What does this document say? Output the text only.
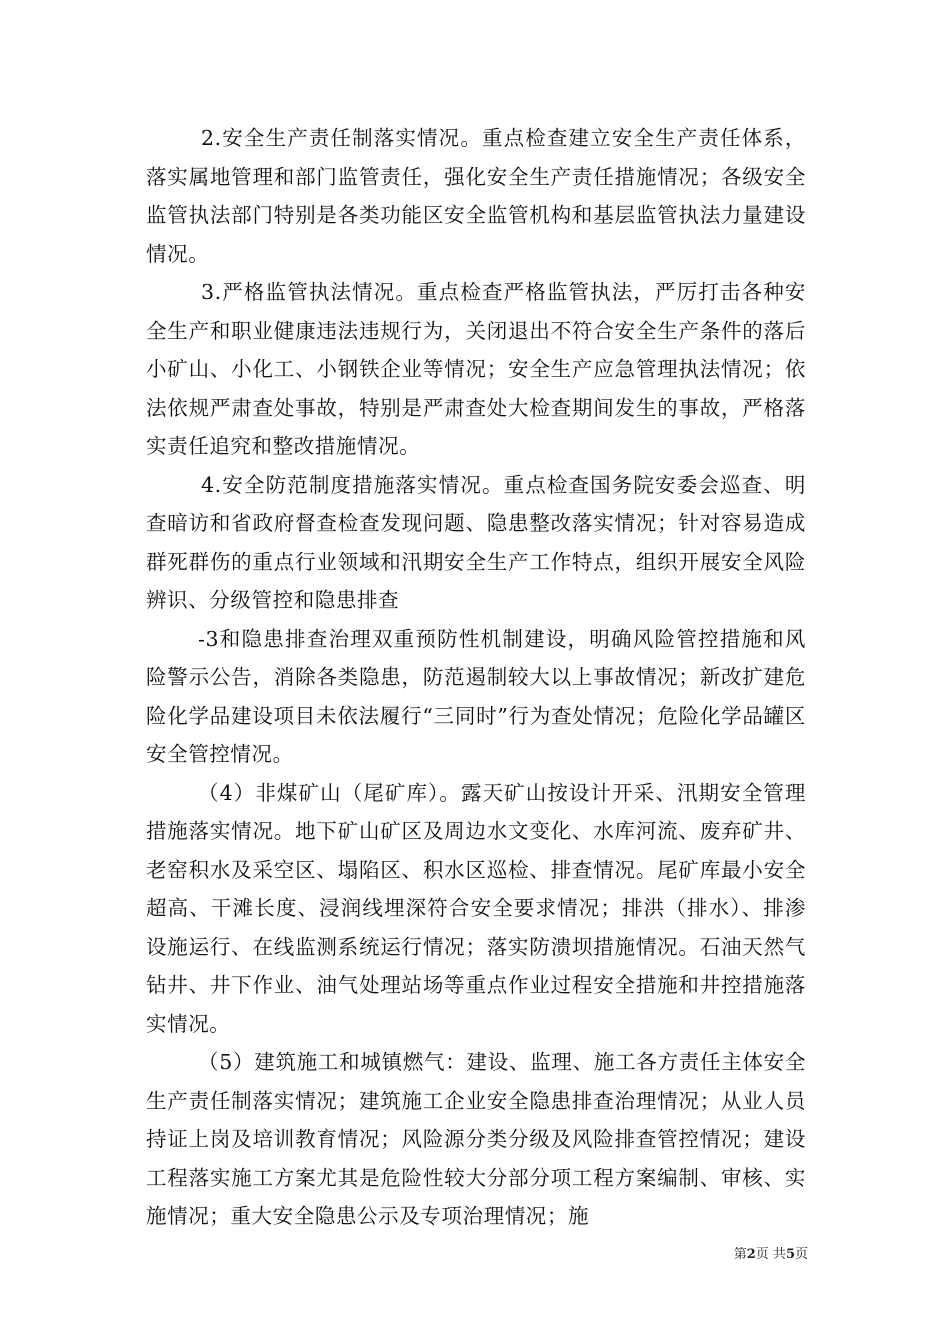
2.安全生产责任制落实情况。重点检查建立安全生产责任体系，落实属地管理和部门监管责任，强化安全生产责任措施情况；各级安全监管执法部门特别是各类功能区安全监管机构和基层监管执法力量建设情况。

3.严格监管执法情况。重点检查严格监管执法，严厉打击各种安全生产和职业健康违法违规行为，关闭退出不符合安全生产条件的落后小矿山、小化工、小钢铁企业等情况；安全生产应急管理执法情况；依法依规严肃查处事故，特别是严肃查处大检查期间发生的事故，严格落实责任追究和整改措施情况。

4.安全防范制度措施落实情况。重点检查国务院安委会巡查、明查暗访和省政府督查检查发现问题、隐患整改落实情况；针对容易造成群死群伤的重点行业领域和汛期安全生产工作特点，组织开展安全风险辨识、分级管控和隐患排查

-3和隐患排查治理双重预防性机制建设，明确风险管控措施和风险警示公告，消除各类隐患，防范遏制较大以上事故情况；新改扩建危险化学品建设项目未依法履行“三同时”行为查处情况；危险化学品罐区安全管控情况。

（4）非煤矿山（尾矿库）。露天矿山按设计开采、汛期安全管理措施落实情况。地下矿山矿区及周边水文变化、水库河流、废弃矿井、老窑积水及采空区、塌陷区、积水区巡检、排查情况。尾矿库最小安全超高、干滩长度、浸润线埋深符合安全要求情况；排洪（排水）、排渗设施运行、在线监测系统运行情况；落实防溃坝措施情况。石油天然气钻井、井下作业、油气处理站场等重点作业过程安全措施和井控措施落实情况。

（5）建筑施工和城镇燃气：建设、监理、施工各方责任主体安全生产责任制落实情况；建筑施工企业安全隐患排查治理情况；从业人员持证上岗及培训教育情况；风险源分类分级及风险排查管控情况；建设工程落实施工方案尤其是危险性较大分部分项工程方案编制、审核、实施情况；重大安全隐患公示及专项治理情况；施

第2页 共5页
